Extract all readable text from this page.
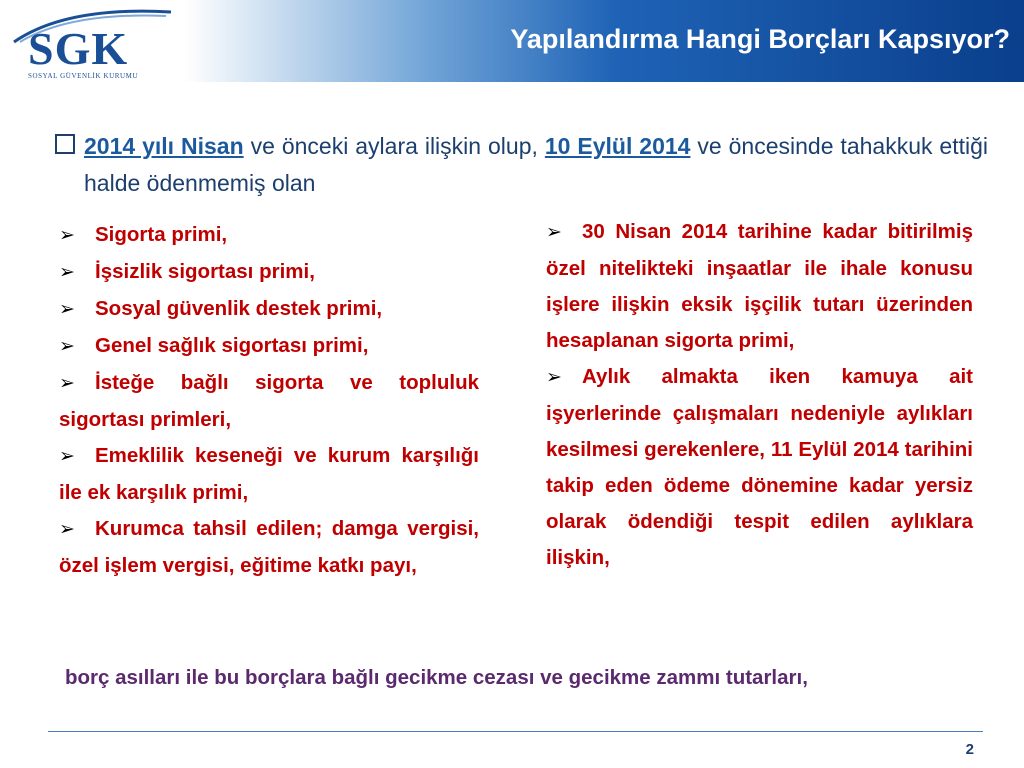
SGK
SOSYAL GÜVENLİK KURUMU
Yapılandırma Hangi Borçları Kapsıyor?
2014 yılı Nisan ve önceki aylara ilişkin olup, 10 Eylül 2014 ve öncesinde tahakkuk ettiği halde ödenmemiş olan

➢ Sigorta primi,

➢ İşsizlik sigortası primi,

➢ Sosyal güvenlik destek primi,

➢ Genel sağlık sigortası primi,

➢ İsteğe bağlı sigorta ve topluluk sigortası primleri,

➢ Emeklilik keseneği ve kurum karşılığı ile ek karşılık primi,

➢ Kurumca tahsil edilen; damga vergisi, özel işlem vergisi, eğitime katkı payı,

➢ 30 Nisan 2014 tarihine kadar bitirilmiş özel nitelikteki inşaatlar ile ihale konusu işlere ilişkin eksik işçilik tutarı üzerinden hesaplanan sigorta primi,

➢ Aylık almakta iken kamuya ait işyerlerinde çalışmaları nedeniyle aylıkları kesilmesi gerekenlere, 11 Eylül 2014 tarihini takip eden ödeme dönemine kadar yersiz olarak ödendiği tespit edilen aylıklara ilişkin,

borç asılları ile bu borçlara bağlı gecikme cezası ve gecikme zammı tutarları,
2
